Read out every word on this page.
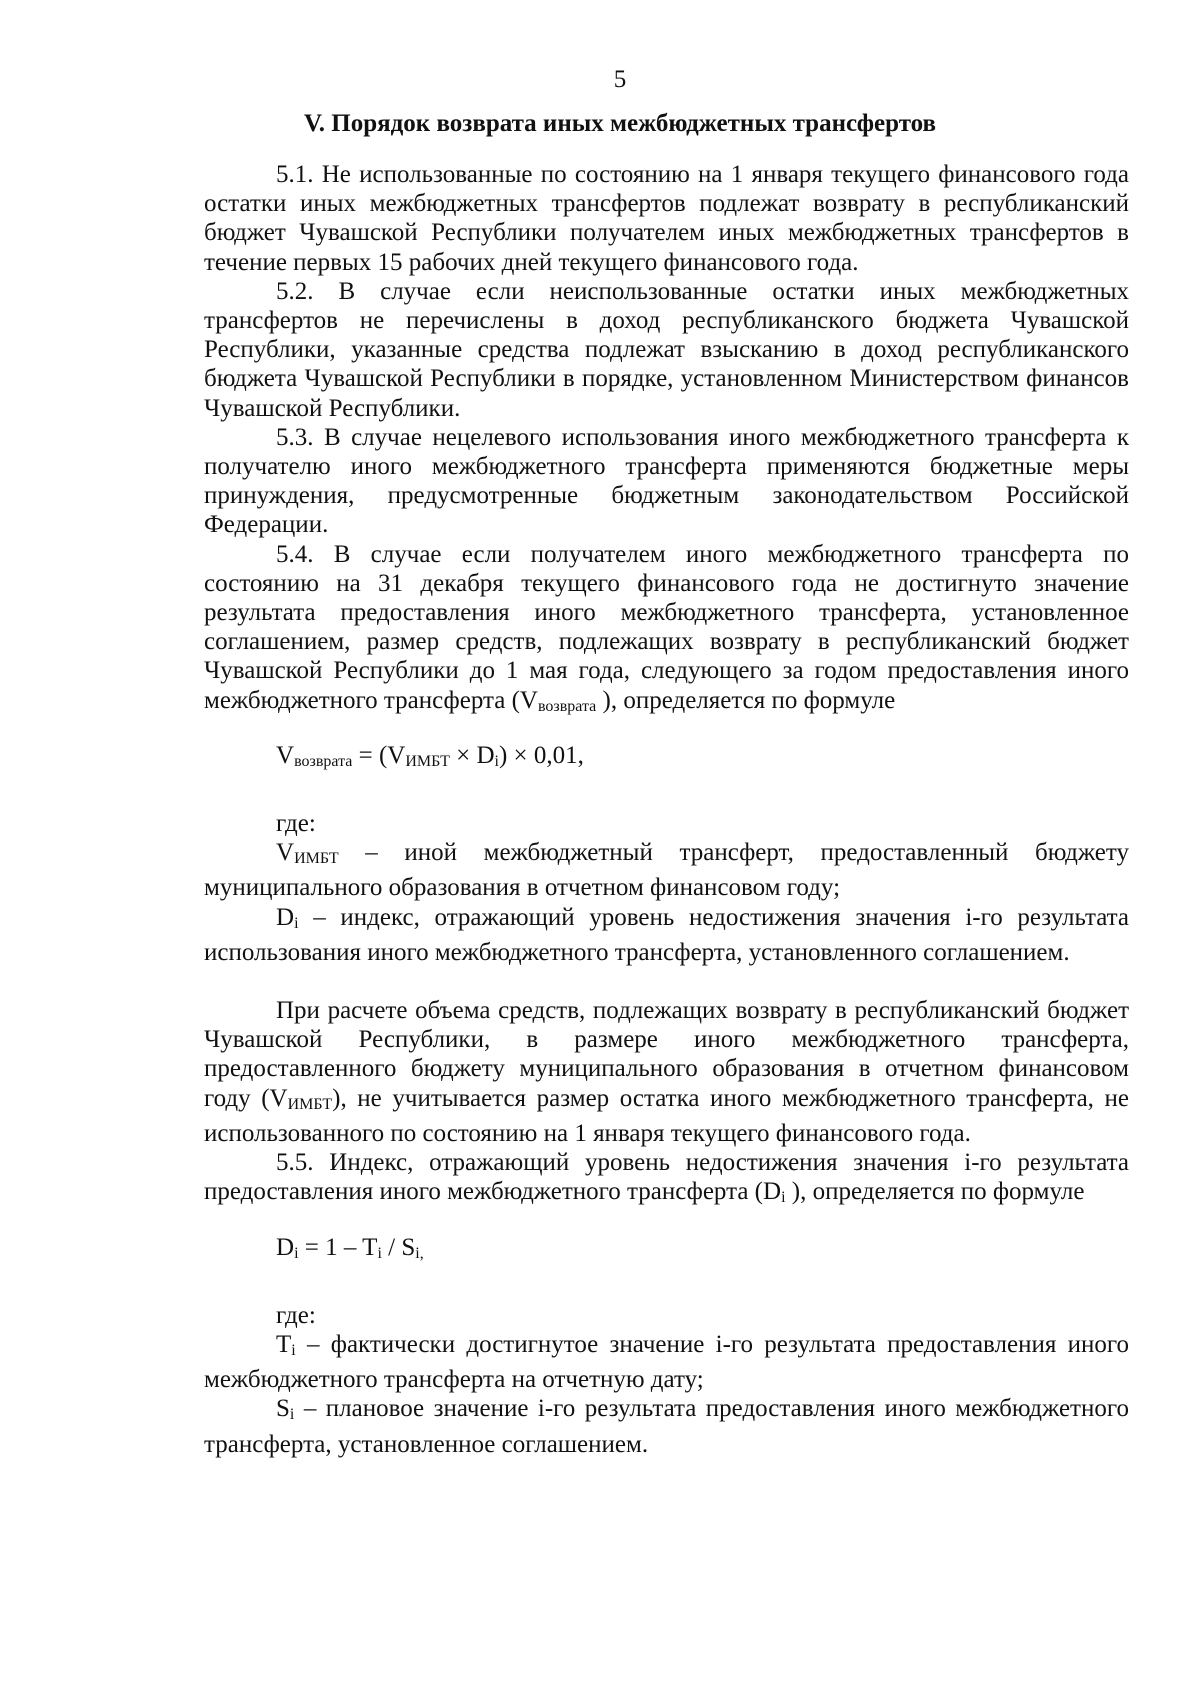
5
V. Порядок возврата иных межбюджетных трансфертов

5.1. Не использованные по состоянию на 1 января текущего финансового года остатки иных межбюджетных трансфертов подлежат возврату в республиканский бюджет Чувашской Республики получателем иных межбюджетных трансфертов в течение первых 15 рабочих дней текущего финансового года.

5.2. В случае если неиспользованные остатки иных межбюджетных трансфертов не перечислены в доход республиканского бюджета Чувашской Республики, указанные средства подлежат взысканию в доход республиканского бюджета Чувашской Республики в порядке, установленном Министерством финансов Чувашской Республики.

5.3. В случае нецелевого использования иного межбюджетного трансферта к получателю иного межбюджетного трансферта применяются бюджетные меры принуждения, предусмотренные бюджетным законодательством Российской Федерации.

5.4. В случае если получателем иного межбюджетного трансферта по состоянию на 31 декабря текущего финансового года не достигнуто значение результата предоставления иного межбюджетного трансферта, установленное соглашением, размер средств, подлежащих возврату в республиканский бюджет Чувашской Республики до 1 мая года, следующего за годом предоставления иного межбюджетного трансферта (Vвозврата ), определяется по формуле

Vвозврата = (VИМБТ × Di) × 0,01,
где:

VИМБТ – иной межбюджетный трансферт, предоставленный бюджету муниципального образования в отчетном финансовом году;

Di – индекс, отражающий уровень недостижения значения i-го результата использования иного межбюджетного трансферта, установленного соглашением.

При расчете объема средств, подлежащих возврату в республиканский бюджет Чувашской Республики, в размере иного межбюджетного трансферта, предоставленного бюджету муниципального образования в отчетном финансовом году (VИМБТ), не учитывается размер остатка иного межбюджетного трансферта, не использованного по состоянию на 1 января текущего финансового года.

5.5. Индекс, отражающий уровень недостижения значения i-го результата предоставления иного межбюджетного трансферта (Di ), определяется по формуле

Di = 1 – Ti / Si,
где:

Ti – фактически достигнутое значение i-го результата предоставления иного межбюджетного трансферта на отчетную дату;

Si – плановое значение i-го результата предоставления иного межбюджетного трансферта, установленное соглашением.
